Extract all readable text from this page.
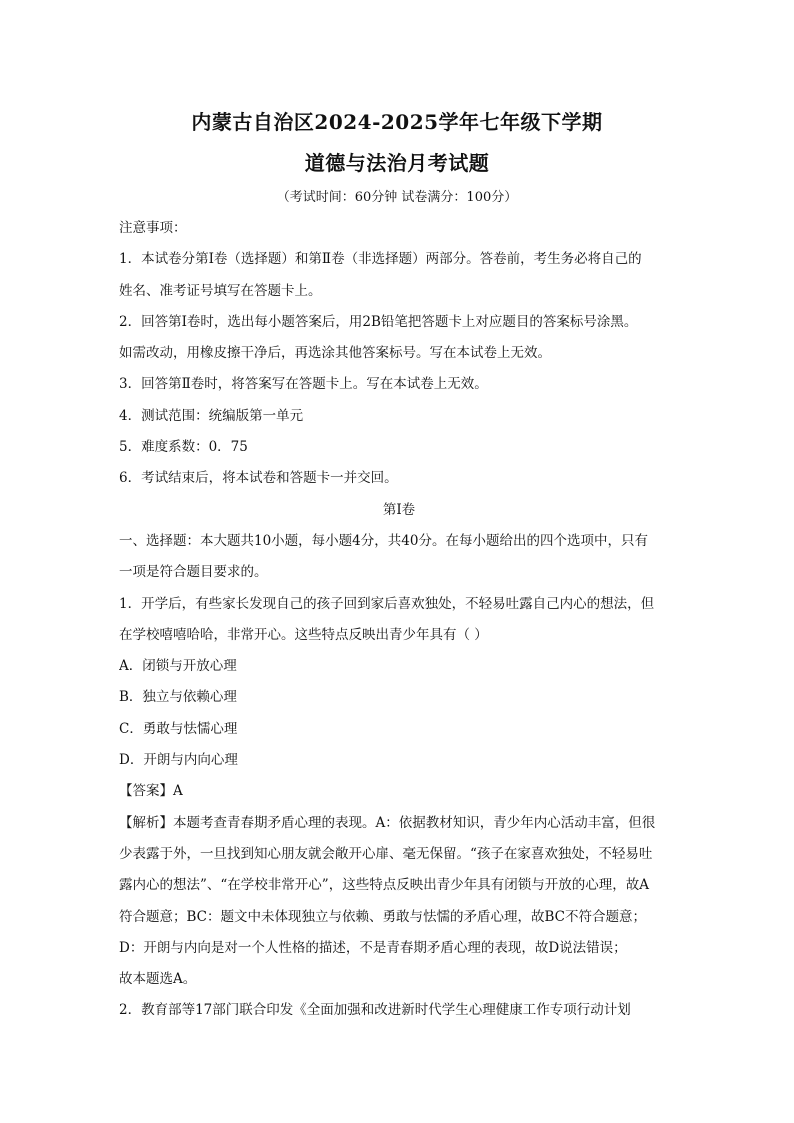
内蒙古自治区2024-2025学年七年级下学期
道德与法治月考试题
（考试时间：60分钟 试卷满分：100分）

注意事项：

1．本试卷分第Ⅰ卷（选择题）和第Ⅱ卷（非选择题）两部分。答卷前，考生务必将自己的

姓名、准考证号填写在答题卡上。

2．回答第Ⅰ卷时，选出每小题答案后，用2B铅笔把答题卡上对应题目的答案标号涂黑。

如需改动，用橡皮擦干净后，再选涂其他答案标号。写在本试卷上无效。

3．回答第Ⅱ卷时，将答案写在答题卡上。写在本试卷上无效。

4．测试范围：统编版第一单元

5．难度系数：0．75

6．考试结束后，将本试卷和答题卡一并交回。

第Ⅰ卷

一、选择题：本大题共10小题，每小题4分，共40分。在每小题给出的四个选项中，只有

一项是符合题目要求的。

1．开学后，有些家长发现自己的孩子回到家后喜欢独处，不轻易吐露自己内心的想法，但

在学校嘻嘻哈哈，非常开心。这些特点反映出青少年具有（ ）

A．闭锁与开放心理

B．独立与依赖心理

C．勇敢与怯懦心理

D．开朗与内向心理

【答案】A

【解析】本题考查青春期矛盾心理的表现。A：依据教材知识，青少年内心活动丰富，但很

少表露于外，一旦找到知心朋友就会敞开心扉、毫无保留。“孩子在家喜欢独处，不轻易吐

露内心的想法”、“在学校非常开心”，这些特点反映出青少年具有闭锁与开放的心理，故A

符合题意；BC：题文中未体现独立与依赖、勇敢与怯懦的矛盾心理，故BC不符合题意；

D：开朗与内向是对一个人性格的描述，不是青春期矛盾心理的表现，故D说法错误；

故本题选A。

2．教育部等17部门联合印发《全面加强和改进新时代学生心理健康工作专项行动计划
